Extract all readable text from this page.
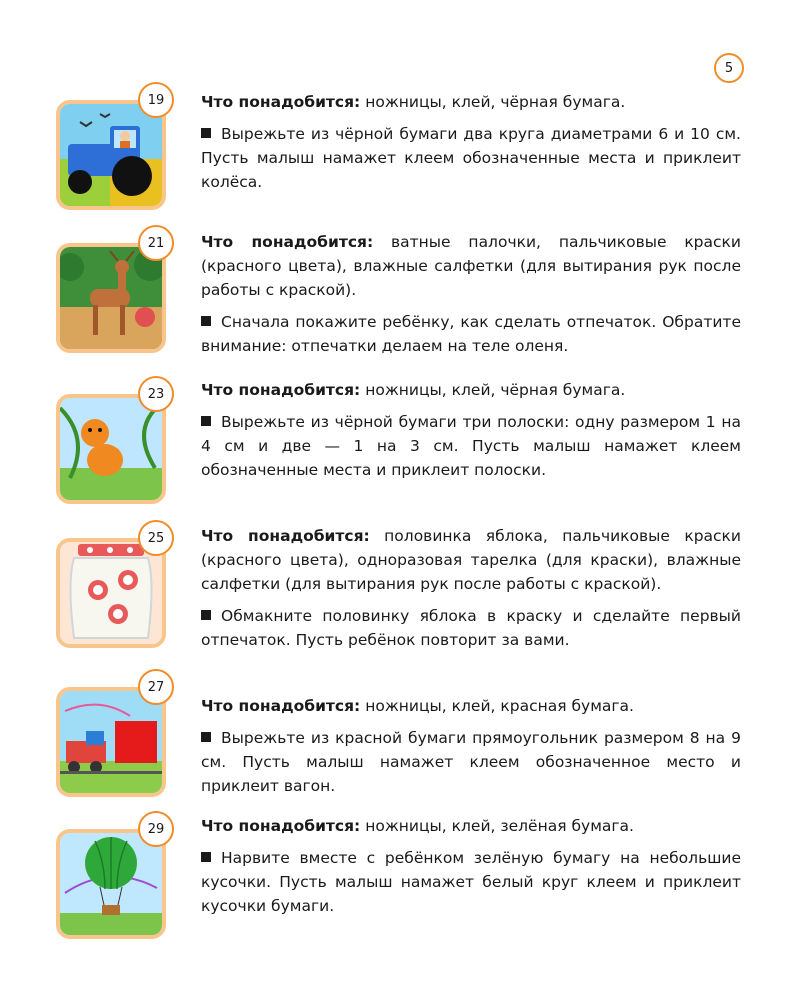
5
19	Что понадобится: ножницы, клей, чёрная бумага.

Вырежьте из чёрной бумаги два круга диаметрами 6 и 10 см. Пусть малыш намажет клеем обозначенные места и приклеит колёса.

21	Что понадобится: ватные палочки, пальчиковые краски (красного цвета), влажные салфетки (для вытирания рук после работы с краской).

Сначала покажите ребёнку, как сделать отпечаток. Обратите внимание: отпечатки делаем на теле оленя.

23	Что понадобится: ножницы, клей, чёрная бумага.

Вырежьте из чёрной бумаги три полоски: одну размером 1 на 4 см и две — 1 на 3 см. Пусть малыш намажет клеем обозначенные места и приклеит полоски.

25	Что понадобится: половинка яблока, пальчиковые краски (красного цвета), одноразовая тарелка (для краски), влажные салфетки (для вытирания рук после работы с краской).

Обмакните половинку яблока в краску и сделайте первый отпечаток. Пусть ребёнок повторит за вами.

27

Что понадобится: ножницы, клей, красная бумага.

Вырежьте из красной бумаги прямоугольник размером 8 на 9 см. Пусть малыш намажет клеем обозначенное место и приклеит вагон.

29	Что понадобится: ножницы, клей, зелёная бумага.

Нарвите вместе с ребёнком зелёную бумагу на небольшие кусочки. Пусть малыш намажет белый круг клеем и приклеит кусочки бумаги.
